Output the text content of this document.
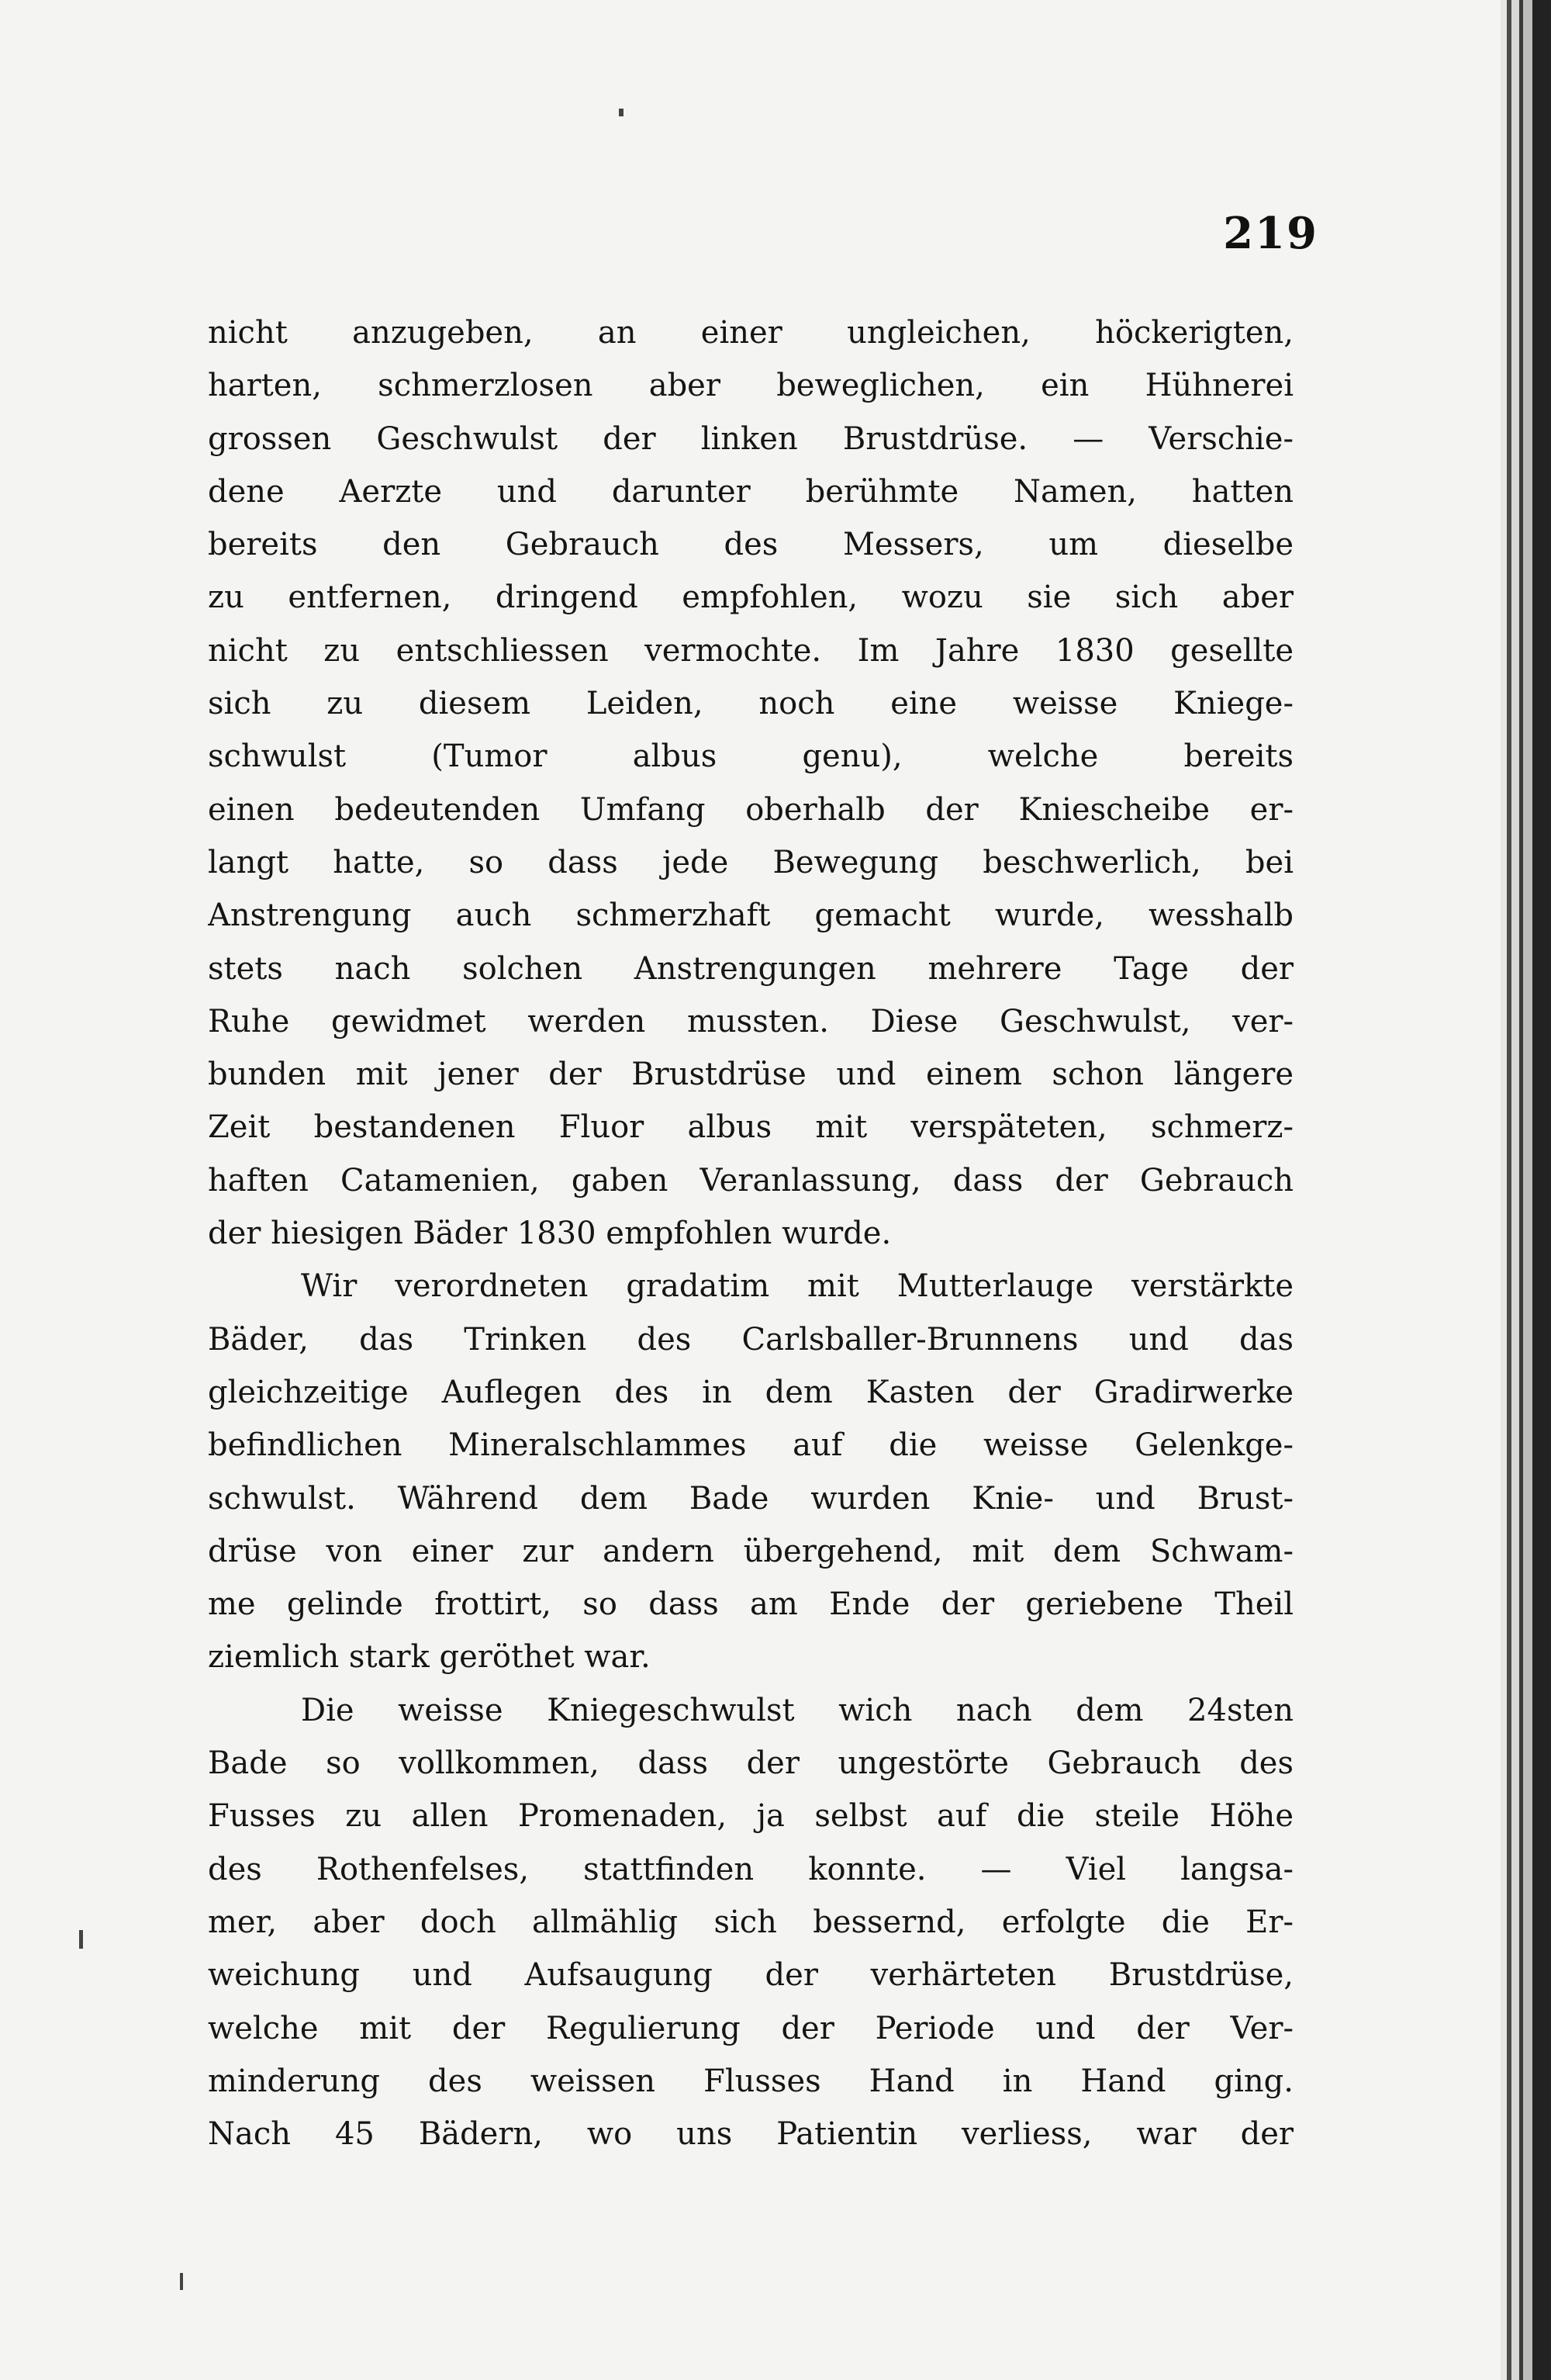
219
nicht anzugeben, an einer ungleichen, höckerigten,
harten, schmerzlosen aber beweglichen, ein Hühnerei
grossen Geschwulst der linken Brustdrüse. — Verschie-
dene Aerzte und darunter berühmte Namen, hatten
bereits den Gebrauch des Messers, um dieselbe
zu entfernen, dringend empfohlen, wozu sie sich aber
nicht zu entschliessen vermochte. Im Jahre 1830 gesellte
sich zu diesem Leiden, noch eine weisse Kniege-
schwulst (Tumor albus genu), welche bereits
einen bedeutenden Umfang oberhalb der Kniescheibe er-
langt hatte, so dass jede Bewegung beschwerlich, bei
Anstrengung auch schmerzhaft gemacht wurde, wesshalb
stets nach solchen Anstrengungen mehrere Tage der
Ruhe gewidmet werden mussten. Diese Geschwulst, ver-
bunden mit jener der Brustdrüse und einem schon längere
Zeit bestandenen Fluor albus mit verspäteten, schmerz-
haften Catamenien, gaben Veranlassung, dass der Gebrauch
der hiesigen Bäder 1830 empfohlen wurde.
Wir verordneten gradatim mit Mutterlauge verstärkte
Bäder, das Trinken des Carlsballer-Brunnens und das
gleichzeitige Auflegen des in dem Kasten der Gradirwerke
befindlichen Mineralschlammes auf die weisse Gelenkge-
schwulst. Während dem Bade wurden Knie- und Brust-
drüse von einer zur andern übergehend, mit dem Schwam-
me gelinde frottirt, so dass am Ende der geriebene Theil
ziemlich stark geröthet war.
Die weisse Kniegeschwulst wich nach dem 24sten
Bade so vollkommen, dass der ungestörte Gebrauch des
Fusses zu allen Promenaden, ja selbst auf die steile Höhe
des Rothenfelses, stattfinden konnte. — Viel langsa-
mer, aber doch allmählig sich bessernd, erfolgte die Er-
weichung und Aufsaugung der verhärteten Brustdrüse,
welche mit der Regulierung der Periode und der Ver-
minderung des weissen Flusses Hand in Hand ging.
Nach 45 Bädern, wo uns Patientin verliess, war der
